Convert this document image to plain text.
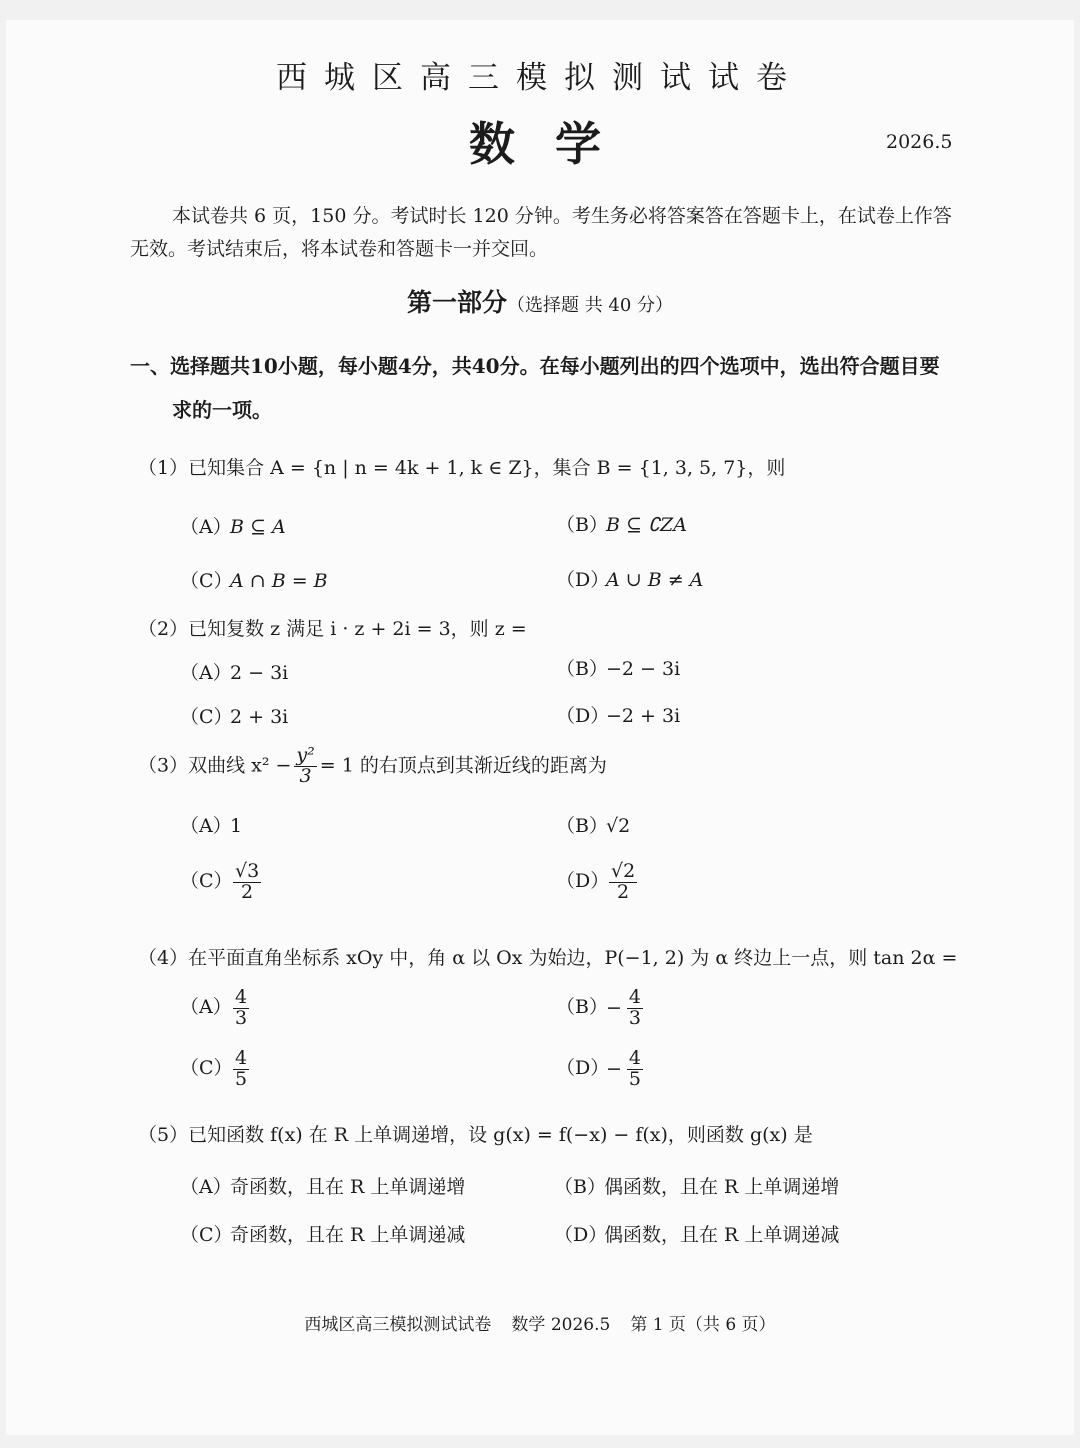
西城区高三模拟测试试卷
数学	2026.5
本试卷共 6 页，150 分。考试时长 120 分钟。考生务必将答案答在答题卡上，在试卷上作答无效。考试结束后，将本试卷和答题卡一并交回。
第一部分（选择题 共 40 分）
一、选择题共10小题，每小题4分，共40分。在每小题列出的四个选项中，选出符合题目要
求的一项。
（1）已知集合 A = {n | n = 4k + 1, k ∈ Z}，集合 B = {1, 3, 5, 7}，则
（A）B ⊆ A	（B）B ⊆ ∁ZA
（C）A ∩ B = B	（D）A ∪ B ≠ A
（2）已知复数 z 满足 i · z + 2i = 3，则 z =
（A）2 − 3i	（B）−2 − 3i
（C）2 + 3i	（D）−2 + 3i
（3）双曲线 $x^2 - \frac{\text{y²}}{3} = 1$ 的右顶点到其渐近线的距离为
（A）1	（B）√2
$(C) \frac{√3}{2}$	$(D) \frac{√2}{2}$
（4）在平面直角坐标系 xOy 中，角 α 以 Ox 为始边，P(−1, 2) 为 α 终边上一点，则 tan 2α =
$(A) \frac{4}{3}$	$(B)- \frac{4}{3}$
$(C) \frac{4}{5}$	$(D)- \frac{4}{5}$
（5）已知函数 f(x) 在 R 上单调递增，设 g(x) = f(−x) − f(x)，则函数 g(x) 是
（A）奇函数，且在 R 上单调递增	（B）偶函数，且在 R 上单调递增
（C）奇函数，且在 R 上单调递减	（D）偶函数，且在 R 上单调递减
西城区高三模拟测试试卷 数学 2026.5 第 1 页（共 6 页）
